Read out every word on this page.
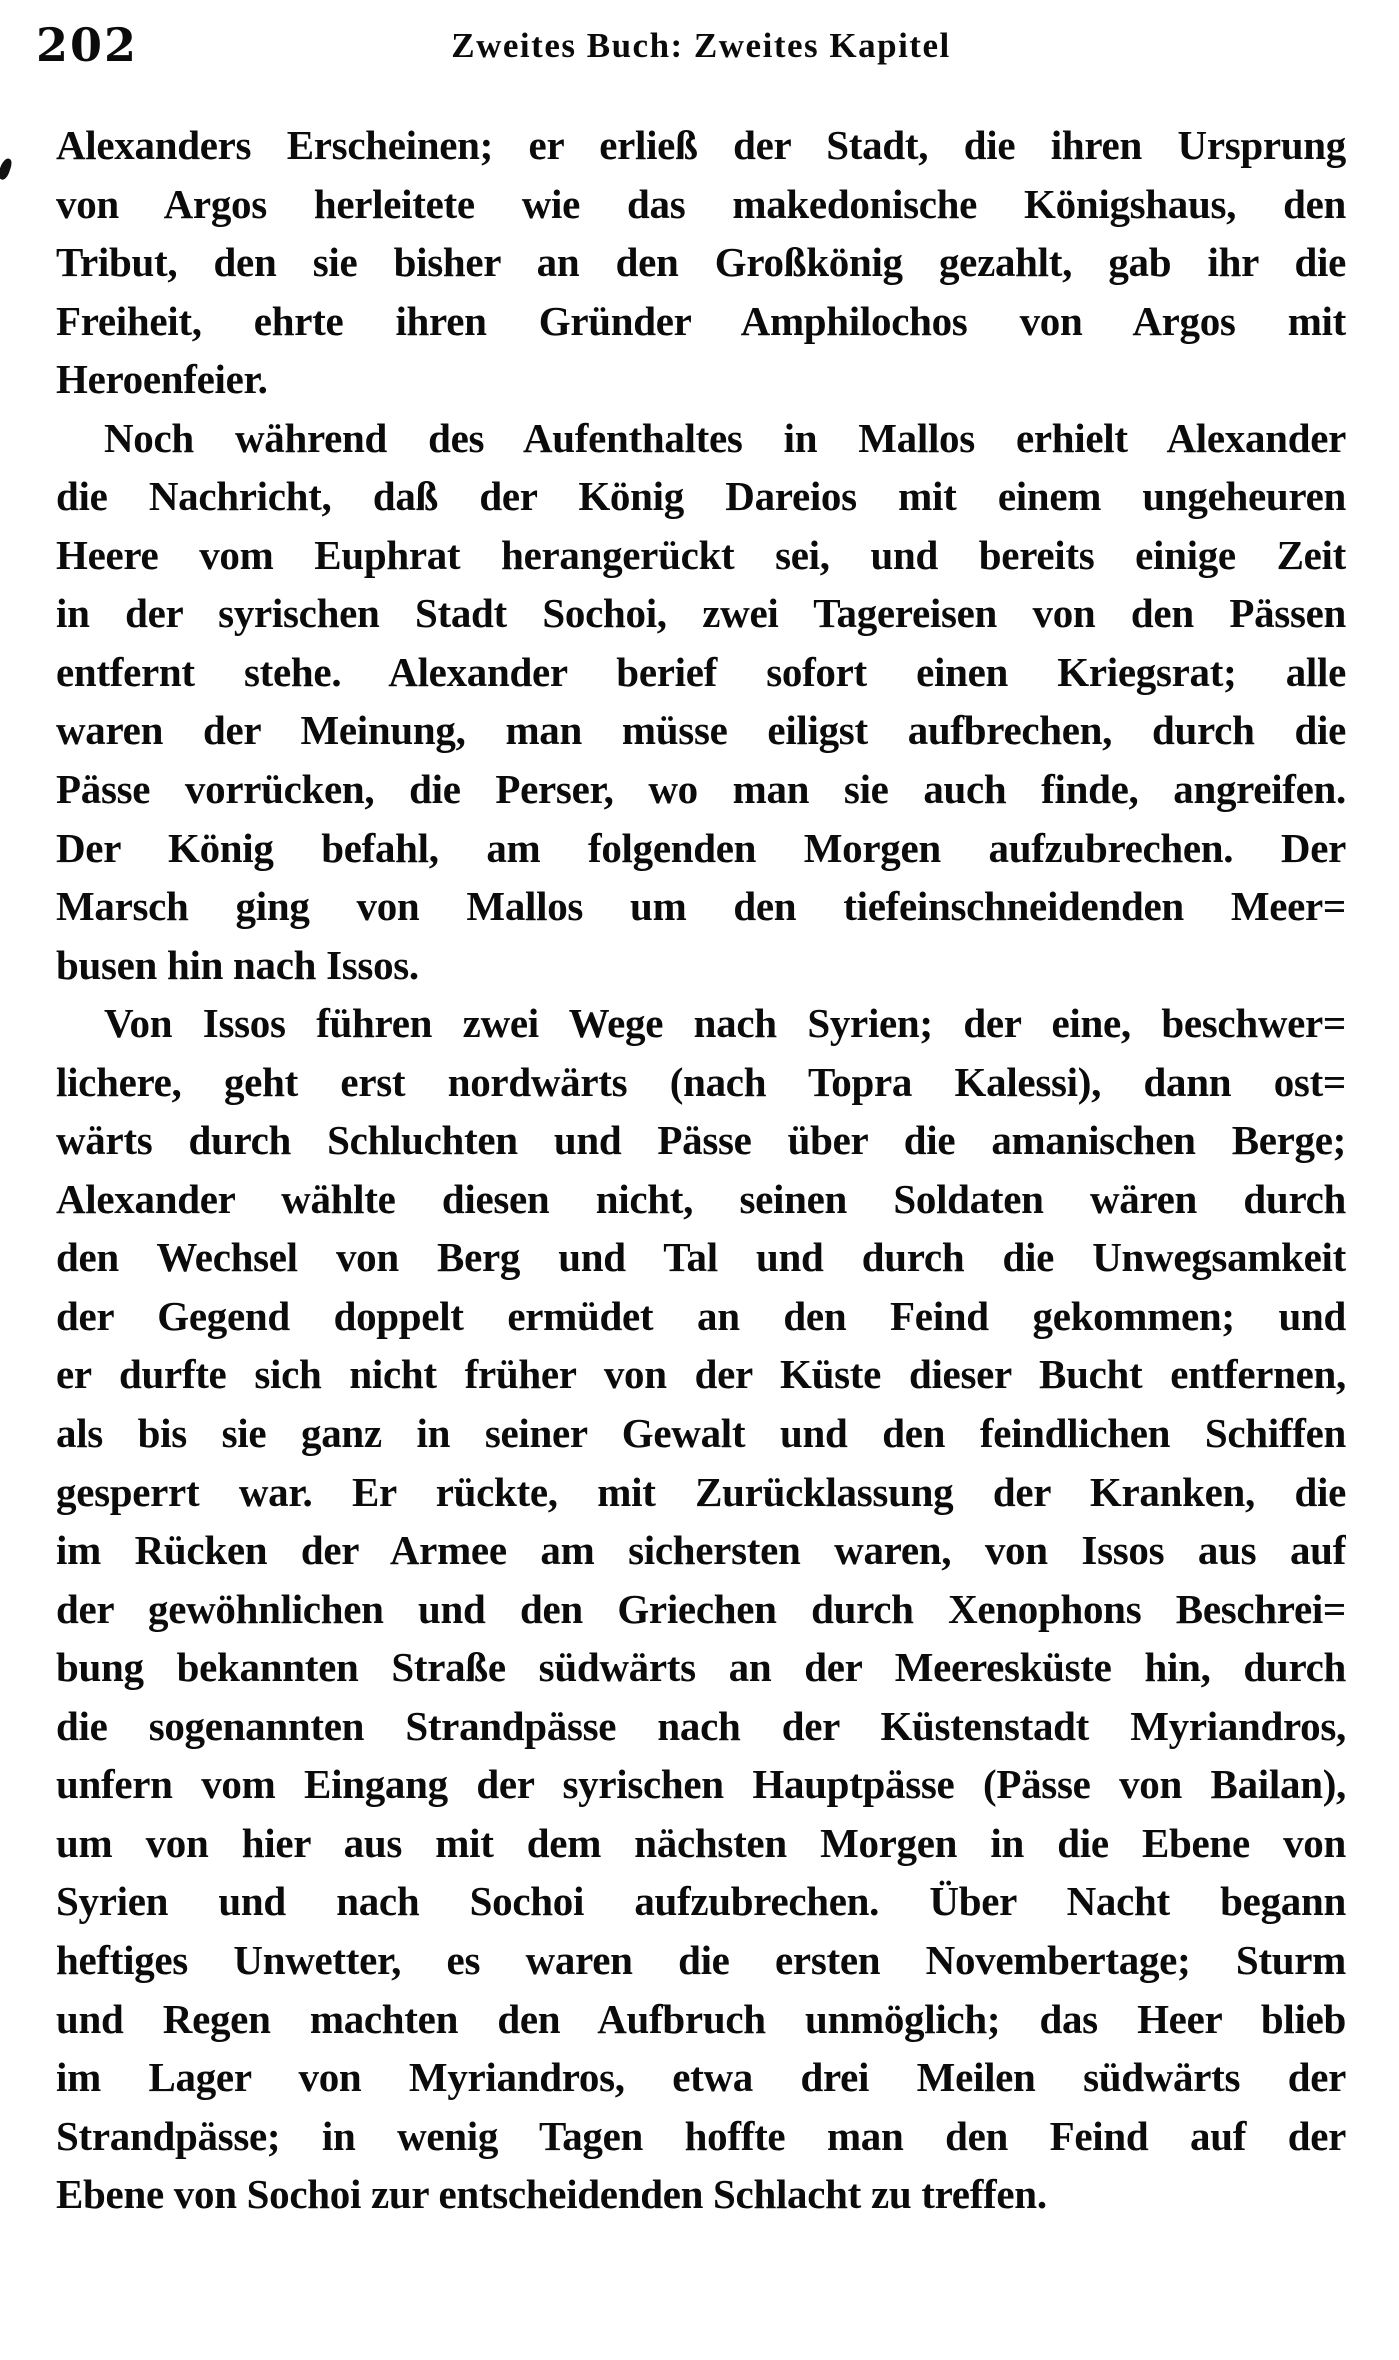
202	Zweites Buch: Zweites Kapitel
Alexanders Erscheinen; er erließ der Stadt, die ihren Ursprung
von Argos herleitete wie das makedonische Königshaus, den
Tribut, den sie bisher an den Großkönig gezahlt, gab ihr die
Freiheit, ehrte ihren Gründer Amphilochos von Argos mit
Heroenfeier.
Noch während des Aufenthaltes in Mallos erhielt Alexander
die Nachricht, daß der König Dareios mit einem ungeheuren
Heere vom Euphrat herangerückt sei, und bereits einige Zeit
in der syrischen Stadt Sochoi, zwei Tagereisen von den Pässen
entfernt stehe. Alexander berief sofort einen Kriegsrat; alle
waren der Meinung, man müsse eiligst aufbrechen, durch die
Pässe vorrücken, die Perser, wo man sie auch finde, angreifen.
Der König befahl, am folgenden Morgen aufzubrechen. Der
Marsch ging von Mallos um den tiefeinschneidenden Meer=
busen hin nach Issos.
Von Issos führen zwei Wege nach Syrien; der eine, beschwer=
lichere, geht erst nordwärts (nach Topra Kalessi), dann ost=
wärts durch Schluchten und Pässe über die amanischen Berge;
Alexander wählte diesen nicht, seinen Soldaten wären durch
den Wechsel von Berg und Tal und durch die Unwegsamkeit
der Gegend doppelt ermüdet an den Feind gekommen; und
er durfte sich nicht früher von der Küste dieser Bucht entfernen,
als bis sie ganz in seiner Gewalt und den feindlichen Schiffen
gesperrt war. Er rückte, mit Zurücklassung der Kranken, die
im Rücken der Armee am sichersten waren, von Issos aus auf
der gewöhnlichen und den Griechen durch Xenophons Beschrei=
bung bekannten Straße südwärts an der Meeresküste hin, durch
die sogenannten Strandpässe nach der Küstenstadt Myriandros,
unfern vom Eingang der syrischen Hauptpässe (Pässe von Bailan),
um von hier aus mit dem nächsten Morgen in die Ebene von
Syrien und nach Sochoi aufzubrechen. Über Nacht begann
heftiges Unwetter, es waren die ersten Novembertage; Sturm
und Regen machten den Aufbruch unmöglich; das Heer blieb
im Lager von Myriandros, etwa drei Meilen südwärts der
Strandpässe; in wenig Tagen hoffte man den Feind auf der
Ebene von Sochoi zur entscheidenden Schlacht zu treffen.
